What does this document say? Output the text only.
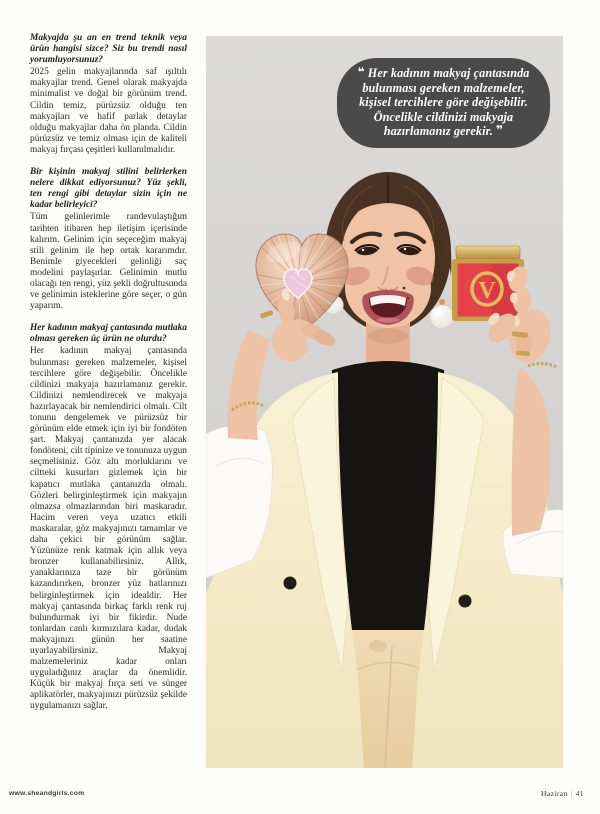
Makyajda şu an en trend teknik veya ürün hangisi sizce? Siz bu trendi nasıl yorumluyorsunuz?

2025 gelin makyajlarında saf ışıltılı makyajlar trend. Genel olarak makyajda minimalist ve doğal bir görünüm trend. Cildin temiz, pürüzsüz olduğu ten makyajları ve hafif parlak detaylar olduğu makyajlar daha ön planda. Cildin pürüzsüz ve temiz olması için de kaliteli makyaj fırçası çeşitleri kullanılmalıdır.

Bir kişinin makyaj stilini belirlerken nelere dikkat ediyorsunuz? Yüz şekli, ten rengi gibi detaylar sizin için ne kadar belirleyici?

Tüm gelinlerimle randevulaştığım tarihten itibaren hep iletişim içerisinde kalırım. Gelinim için seçeceğim makyaj stili gelinim ile hep ortak kararımdır. Benimle giyecekleri gelinliği saç modelini paylaşırlar. Gelinimin mutlu olacağı ten rengi, yüz şekli doğrultusunda ve gelinimin isteklerine göre seçer, o gün yaparım.

Her kadının makyaj çantasında mutlaka olması gereken üç ürün ne olurdu?

Her kadının makyaj çantasında bulunması gereken malzemeler, kişisel tercihlere göre değişebilir. Öncelikle cildinizi makyaja hazırlamanız gerekir. Cildinizi nemlendirecek ve makyaja hazırlayacak bir nemlendirici olmalı. Cilt tonunu dengelemek ve pürüzsüz bir görünüm elde etmek için iyi bir fondöten şart. Makyaj çantanızda yer alacak fondöteni, cilt tipinize ve tonunuza uygun seçmelisiniz. Göz altı morluklarını ve ciltteki kusurları gizlemek için bir kapatıcı mutlaka çantanızda olmalı. Gözleri belirginleştirmek için makyajın olmazsa olmazlarından biri maskaradır. Hacim veren veya uzatıcı etkili maskaralar, göz makyajınızı tamamlar ve daha çekici bir görünüm sağlar. Yüzünüze renk katmak için allık veya bronzer kullanabilirsiniz. Allık, yanaklarınıza taze bir görünüm kazandırırken, bronzer yüz hatlarınızı belirginleştirmek için idealdir. Her makyaj çantasında birkaç farklı renk ruj bulundurmak iyi bir fikirdir. Nude tonlardan canlı kırmızılara kadar, dudak makyajınızı günün her saatine uyarlayabilirsiniz. Makyaj malzemeleriniz kadar onları uyguladığınız araçlar da önemlidir. Küçük bir makyaj fırça seti ve sünger aplikatörler, makyajınızı pürüzsüz şekilde uygulamanızı sağlar.

V
❝ Her kadının makyaj çantasında bulunması gereken malzemeler, kişisel tercihlere göre değişebilir. Öncelikle cildinizi makyaja hazırlamanız gerekir. ❞
www.sheandgirls.com	Haziran | 41
